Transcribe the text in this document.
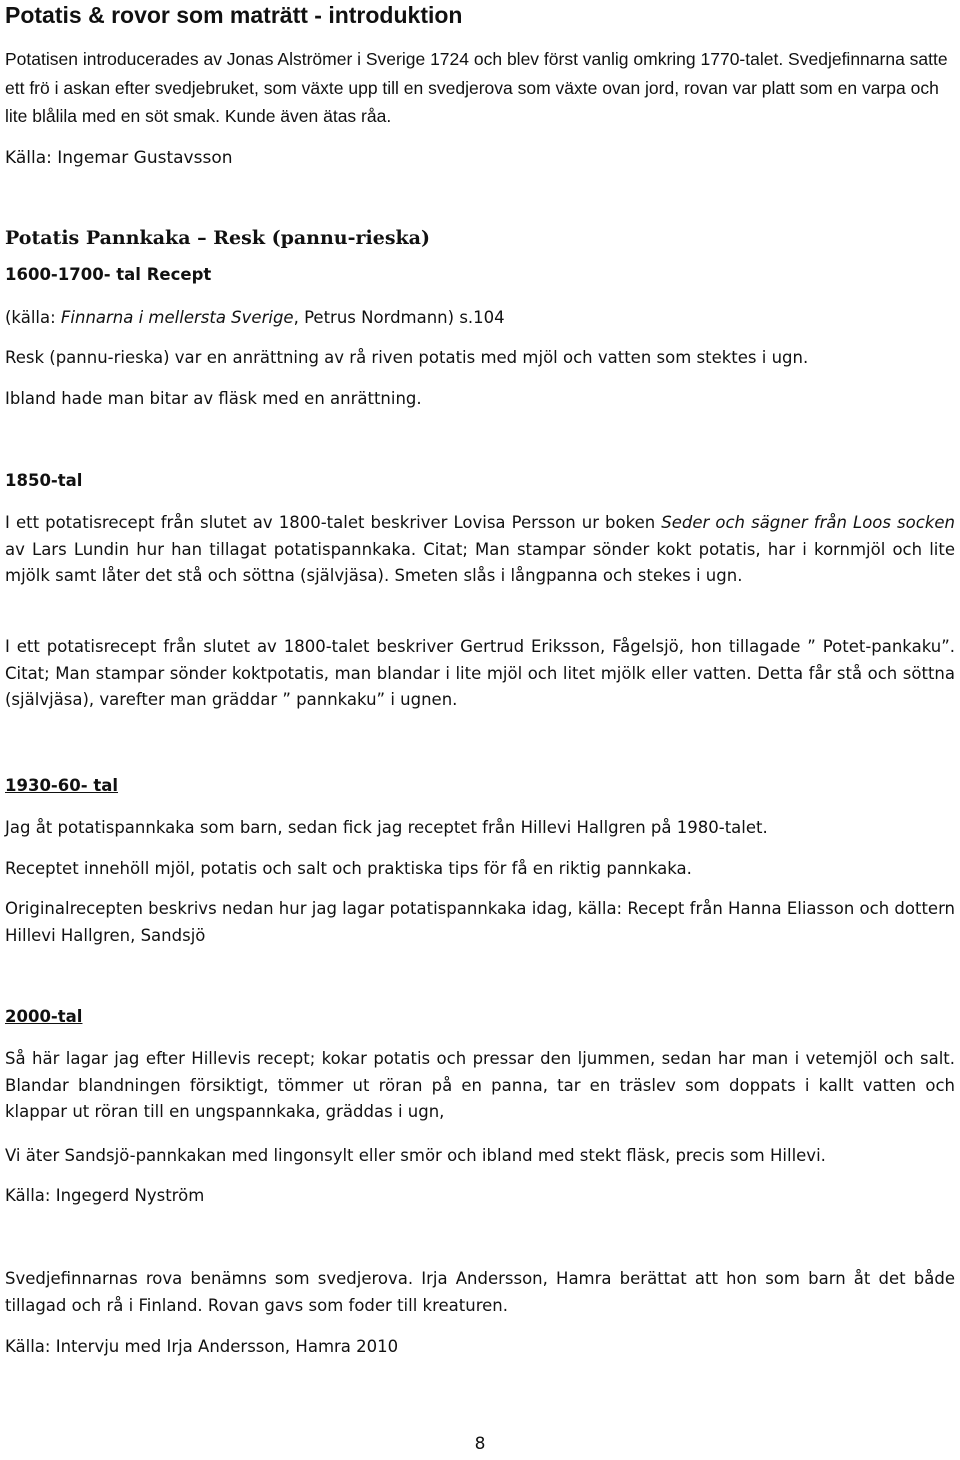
Potatis & rovor som maträtt - introduktion

Potatisen introducerades av Jonas Alströmer i Sverige 1724 och blev först vanlig omkring 1770-talet. Svedjefinnarna satte ett frö i askan efter svedjebruket, som växte upp till en svedjerova som växte ovan jord, rovan var platt som en varpa och lite blålila med en söt smak. Kunde även ätas råa.

Källa: Ingemar Gustavsson

Potatis Pannkaka – Resk (pannu-rieska)

1600-1700- tal Recept

(källa: Finnarna i mellersta Sverige, Petrus Nordmann) s.104

Resk (pannu-rieska) var en anrättning av rå riven potatis med mjöl och vatten som stektes i ugn.

Ibland hade man bitar av fläsk med en anrättning.

1850-tal

I ett potatisrecept från slutet av 1800-talet beskriver Lovisa Persson ur boken Seder och sägner från Loos socken av Lars Lundin hur han tillagat potatispannkaka. Citat; Man stampar sönder kokt potatis, har i kornmjöl och lite mjölk samt låter det stå och söttna (självjäsa). Smeten slås i långpanna och stekes i ugn.

I ett potatisrecept från slutet av 1800-talet beskriver Gertrud Eriksson, Fågelsjö, hon tillagade ” Potet-pankaku”. Citat; Man stampar sönder koktpotatis, man blandar i lite mjöl och litet mjölk eller vatten. Detta får stå och söttna (självjäsa), varefter man gräddar ” pannkaku” i ugnen.

1930-60- tal

Jag åt potatispannkaka som barn, sedan fick jag receptet från Hillevi Hallgren på 1980-talet.

Receptet innehöll mjöl, potatis och salt och praktiska tips för få en riktig pannkaka.

Originalrecepten beskrivs nedan hur jag lagar potatispannkaka idag, källa: Recept från Hanna Eliasson och dottern Hillevi Hallgren, Sandsjö

2000-tal

Så här lagar jag efter Hillevis recept; kokar potatis och pressar den ljummen, sedan har man i vetemjöl och salt. Blandar blandningen försiktigt, tömmer ut röran på en panna, tar en träslev som doppats i kallt vatten och klappar ut röran till en ungspannkaka, gräddas i ugn,

Vi äter Sandsjö-pannkakan med lingonsylt eller smör och ibland med stekt fläsk, precis som Hillevi.

Källa: Ingegerd Nyström

Svedjefinnarnas rova benämns som svedjerova. Irja Andersson, Hamra berättat att hon som barn åt det både tillagad och rå i Finland. Rovan gavs som foder till kreaturen.

Källa: Intervju med Irja Andersson, Hamra 2010

8
